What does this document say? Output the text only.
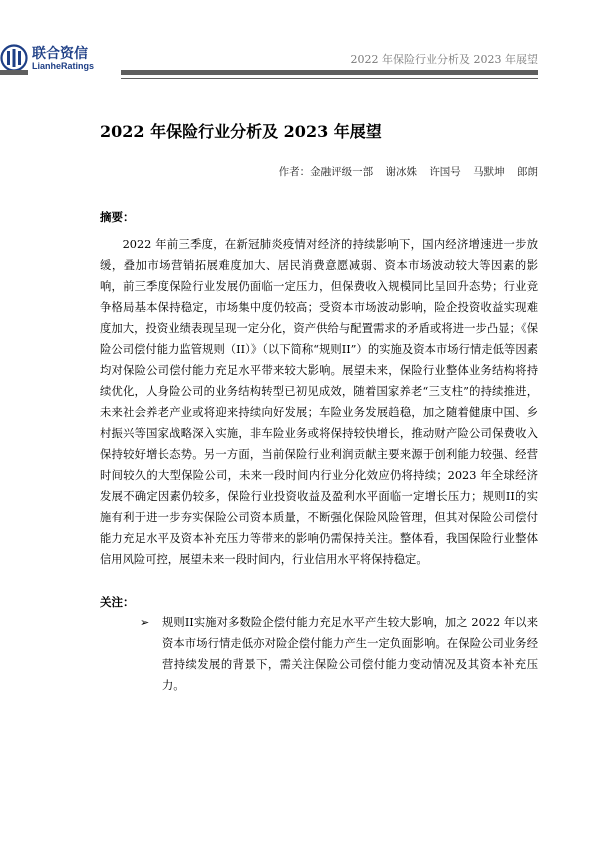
联合资信
LianheRatings	2022 年保险行业分析及 2023 年展望
2022 年保险行业分析及 2023 年展望
作者：金融评级一部 谢冰姝 许国号 马默坤 郎朗
摘要：

2022 年前三季度，在新冠肺炎疫情对经济的持续影响下，国内经济增速进一步放缓，叠加市场营销拓展难度加大、居民消费意愿减弱、资本市场波动较大等因素的影响，前三季度保险行业发展仍面临一定压力，但保费收入规模同比呈回升态势；行业竞争格局基本保持稳定，市场集中度仍较高；受资本市场波动影响，险企投资收益实现难度加大，投资业绩表现呈现一定分化，资产供给与配置需求的矛盾或将进一步凸显；《保险公司偿付能力监管规则（II）》（以下简称“规则II”）的实施及资本市场行情走低等因素均对保险公司偿付能力充足水平带来较大影响。展望未来，保险行业整体业务结构将持续优化，人身险公司的业务结构转型已初见成效，随着国家养老“三支柱”的持续推进，未来社会养老产业或将迎来持续向好发展；车险业务发展趋稳，加之随着健康中国、乡村振兴等国家战略深入实施，非车险业务或将保持较快增长，推动财产险公司保费收入保持较好增长态势。另一方面，当前保险行业利润贡献主要来源于创利能力较强、经营时间较久的大型保险公司，未来一段时间内行业分化效应仍将持续；2023 年全球经济发展不确定因素仍较多，保险行业投资收益及盈利水平面临一定增长压力；规则II的实施有利于进一步夯实保险公司资本质量，不断强化保险风险管理，但其对保险公司偿付能力充足水平及资本补充压力等带来的影响仍需保持关注。整体看，我国保险行业整体信用风险可控，展望未来一段时间内，行业信用水平将保持稳定。

关注：
➢ 规则II实施对多数险企偿付能力充足水平产生较大影响，加之 2022 年以来资本市场行情走低亦对险企偿付能力产生一定负面影响。在保险公司业务经营持续发展的背景下，需关注保险公司偿付能力变动情况及其资本补充压力。
